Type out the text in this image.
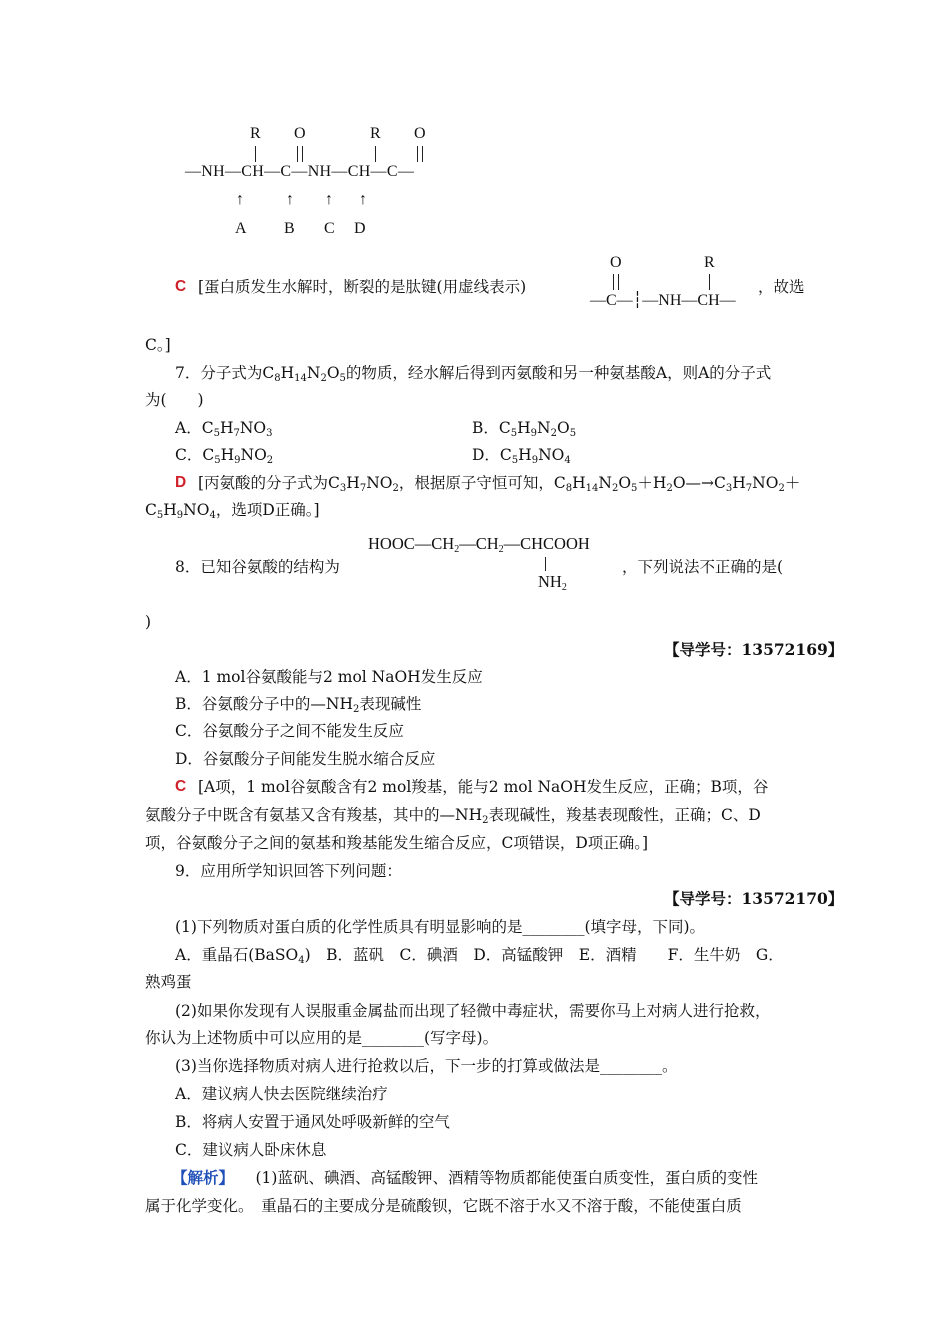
R O	R O
—NH—CH—C—NH—CH—C—
↑	↑ ↑ ↑
A B C D
C [蛋白质发生水解时，断裂的是肽键(用虚线表示)
O	R
—C—┆—NH—CH—
，故选
C。]
7．分子式为$C_8H_{14}N_2O_5$的物质，经水解后得到丙氨酸和另一种氨基酸A，则A的分子式
为(　　)
A．$C_5H_7NO_3$	B．$C_5H_9N_2O_5$
C．$C_5H_9NO_2$	D．$C_5H_9NO_4$
D [丙氨酸的分子式为$C_3H_7NO_2$，根据原子守恒可知，$C_8H_{14}N_2O_5+H_2O—\to C_3H_7NO_2+$
$C_5H_9NO_4$，选项D正确。]
8．已知谷氨酸的结构为
$HOOC—CH_2—CH_2—CHCOOH$
$NH_2$
，下列说法不正确的是(
)
【导学号：13572169】
A．1 mol谷氨酸能与2 mol NaOH发生反应
B．谷氨酸分子中的$—NH_2$表现碱性
C．谷氨酸分子之间不能发生反应
D．谷氨酸分子间能发生脱水缩合反应
C [A项，1 mol谷氨酸含有2 mol羧基，能与2 mol NaOH发生反应，正确；B项，谷
氨酸分子中既含有氨基又含有羧基，其中的$—NH_2$表现碱性，羧基表现酸性，正确；C、D
项，谷氨酸分子之间的氨基和羧基能发生缩合反应，C项错误，D项正确。]
9．应用所学知识回答下列问题：
【导学号：13572170】
(1)下列物质对蛋白质的化学性质具有明显影响的是________(填字母，下同)。
A．重晶石(BaSO$_4$)　B．蓝矾　C．碘酒　D．高锰酸钾　E．酒精　　F．生牛奶　G．
熟鸡蛋
(2)如果你发现有人误服重金属盐而出现了轻微中毒症状，需要你马上对病人进行抢救，
你认为上述物质中可以应用的是________(写字母)。
(3)当你选择物质对病人进行抢救以后，下一步的打算或做法是________。
A．建议病人快去医院继续治疗
B．将病人安置于通风处呼吸新鲜的空气
C．建议病人卧床休息
【解析】 　(1)蓝矾、碘酒、高锰酸钾、酒精等物质都能使蛋白质变性，蛋白质的变性
属于化学变化。　重晶石的主要成分是硫酸钡，它既不溶于水又不溶于酸，不能使蛋白质
